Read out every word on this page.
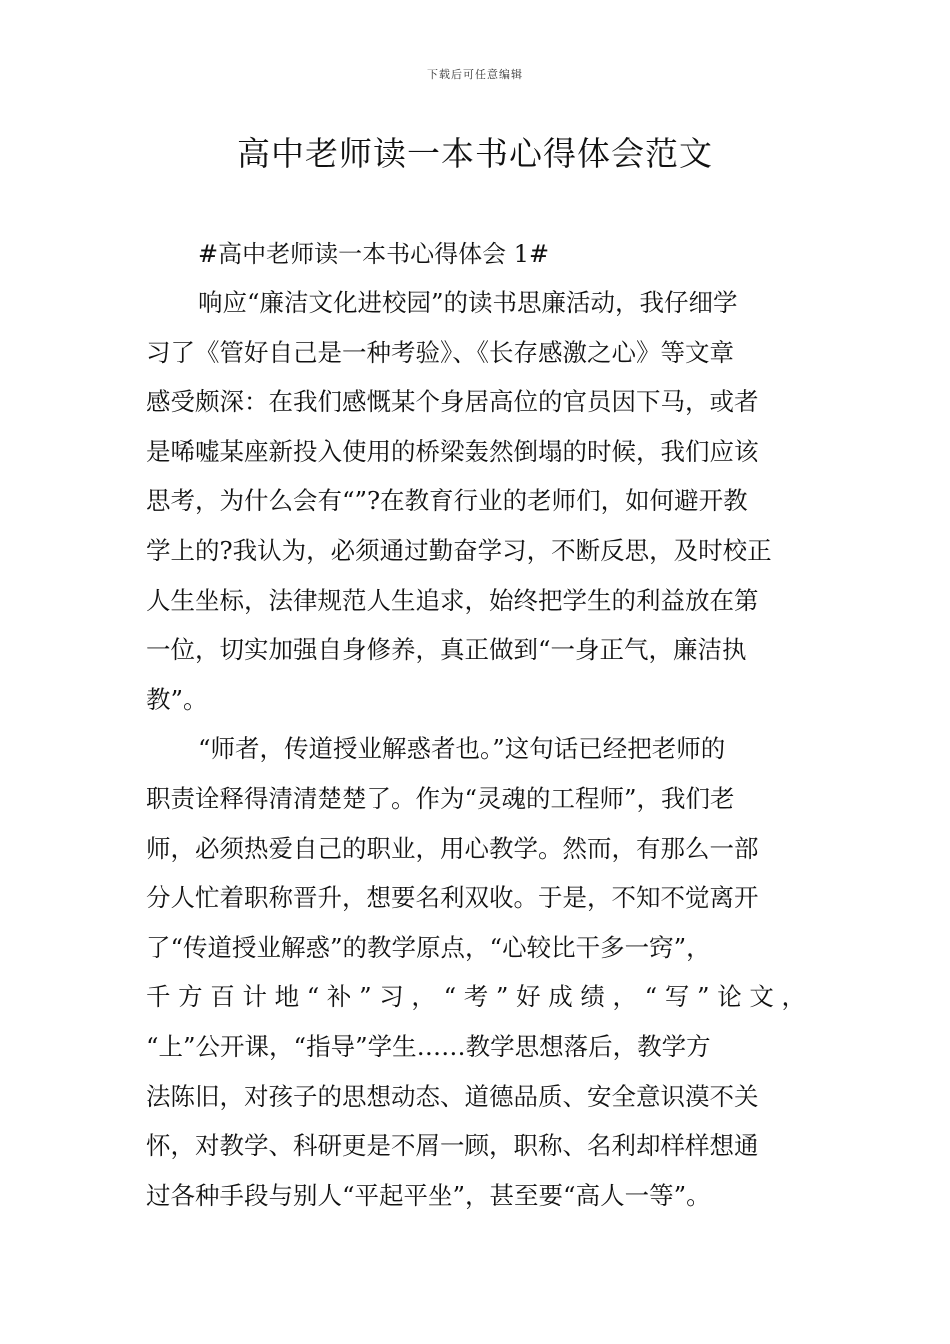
下载后可任意编辑
高中老师读一本书心得体会范文

#高中老师读一本书心得体会 1#

响应“廉洁文化进校园”的读书思廉活动，我仔细学
习了《管好自己是一种考验》、《长存感激之心》等文章
感受颇深：在我们感慨某个身居高位的官员因下马，或者
是唏嘘某座新投入使用的桥梁轰然倒塌的时候，我们应该
思考，为什么会有“”?在教育行业的老师们，如何避开教
学上的?我认为，必须通过勤奋学习，不断反思，及时校正
人生坐标，法律规范人生追求，始终把学生的利益放在第
一位，切实加强自身修养，真正做到“一身正气，廉洁执
教”。

“师者，传道授业解惑者也。”这句话已经把老师的
职责诠释得清清楚楚了。作为“灵魂的工程师”，我们老
师，必须热爱自己的职业，用心教学。然而，有那么一部
分人忙着职称晋升，想要名利双收。于是，不知不觉离开
了“传道授业解惑”的教学原点，“心较比干多一窍”，
千方百计地“补”习，“考”好成绩，“写”论文，
“上”公开课，“指导”学生……教学思想落后，教学方
法陈旧，对孩子的思想动态、道德品质、安全意识漠不关
怀，对教学、科研更是不屑一顾，职称、名利却样样想通
过各种手段与别人“平起平坐”，甚至要“高人一等”。
